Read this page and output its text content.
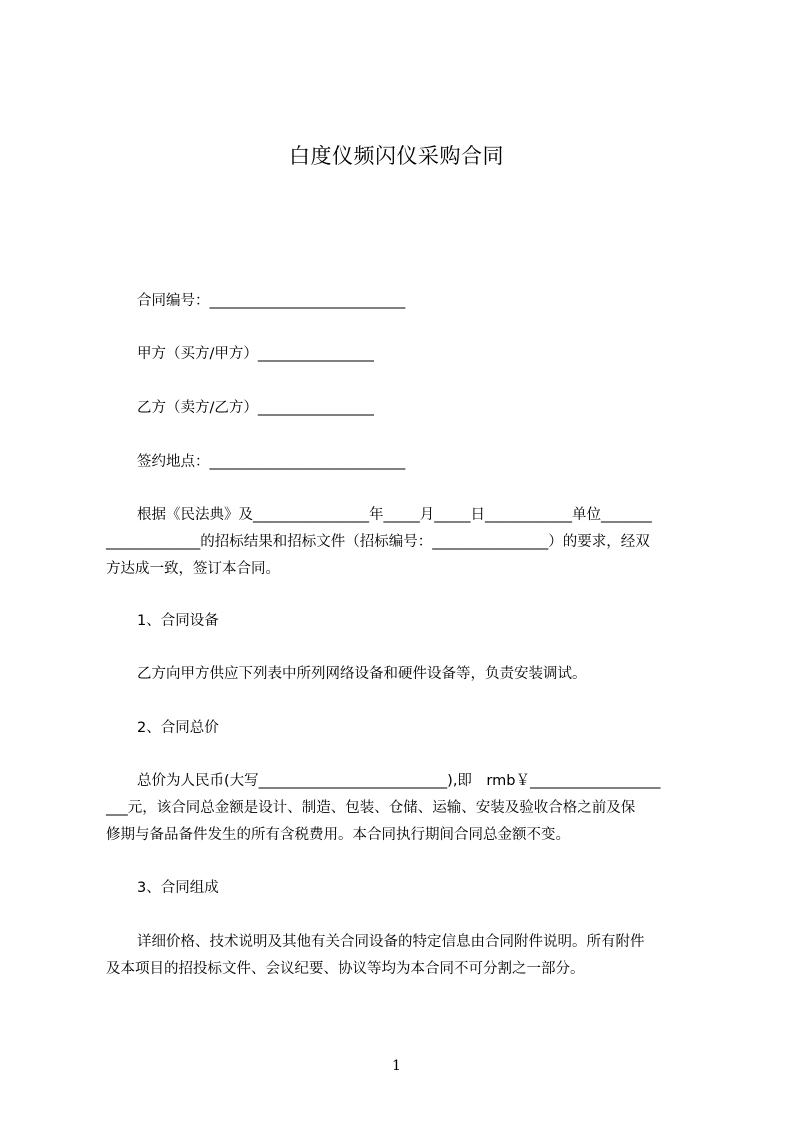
白度仪频闪仪采购合同
合同编号：___________________________
甲方（买方/甲方）________________
乙方（卖方/乙方）________________
签约地点：___________________________
根据《民法典》及________________年_____月_____日____________单位_______
_____________的招标结果和招标文件（招标编号：________________）的要求，经双
方达成一致，签订本合同。
1、合同设备
乙方向甲方供应下列表中所列网络设备和硬件设备等，负责安装调试。
2、合同总价
总价为人民币(大写__________________________),即　rmb￥__________________
___元，该合同总金额是设计、制造、包装、仓储、运输、安装及验收合格之前及保
修期与备品备件发生的所有含税费用。本合同执行期间合同总金额不变。
3、合同组成
详细价格、技术说明及其他有关合同设备的特定信息由合同附件说明。所有附件
及本项目的招投标文件、会议纪要、协议等均为本合同不可分割之一部分。
1
